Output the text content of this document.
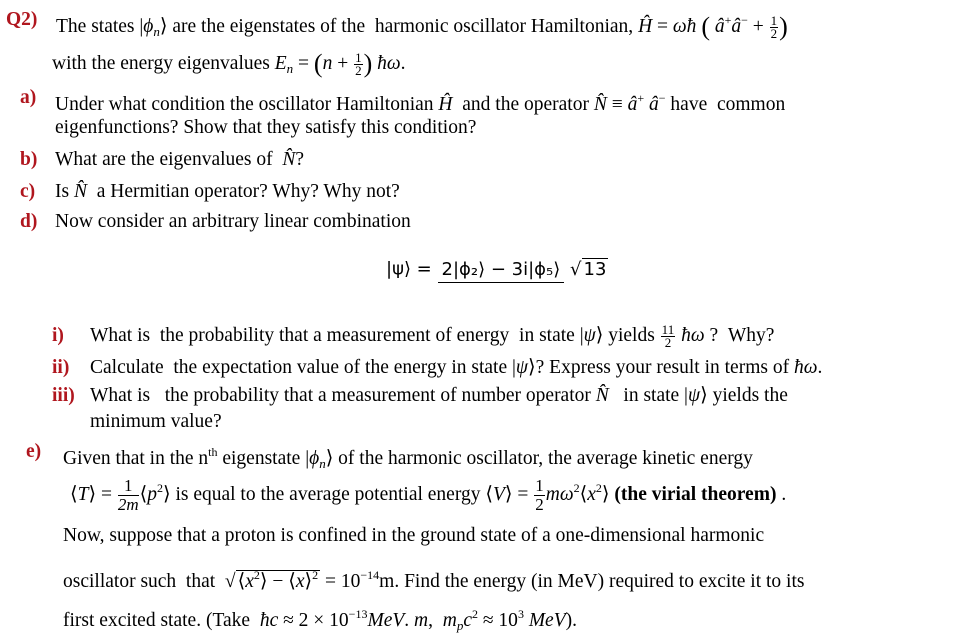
Q2) The states $|\phi_n⟩$ are the eigenstates of the  harmonic oscillator Hamiltonian, Ĥ = ωħ ( â+â− + $\frac{1}{2}$ )
with the energy eigenvalues $E_n = (n + \frac{1}{2}$ ) ħω.
a) Under what condition the oscillator Hamiltonian Ĥ  and the operator N̂ ≡ â+ â− have  common
eigenfunctions? Show that they satisfy this condition?
b) What are the eigenvalues of  N̂?
c) Is N̂  a Hermitian operator? Why? Why not?
d) Now consider an arbitrary linear combination
|ψ⟩ = 2|ϕ₂⟩ − 3i|ϕ₅⟩ √ 13
i) What is  the probability that a measurement of energy  in state |ψ⟩ yields $\frac{11}{2}$ ħω ?  Why?
ii) Calculate  the expectation value of the energy in state |ψ⟩? Express your result in terms of ħω.
iii) What is   the probability that a measurement of number operator N̂   in state |ψ⟩ yields the
minimum value?
e) Given that in the $n^{th}$ eigenstate $|\phi_n⟩$ of the harmonic oscillator, the average kinetic energy
⟨T⟩ = $\frac{1}{2m}$ $⟨p^2⟩$ is equal to the average potential energy ⟨V⟩ = $\frac{1}{2}$ $m\omega^2⟨x^2⟩$ (the virial theorem) .
Now, suppose that a proton is confined in the ground state of a one-dimensional harmonic
oscillator such  that  √ $⟨x^2⟩$ − ⟨x⟩$^2$ = $10^{-14}m$. Find the energy (in MeV) required to excite it to its
first excited state. (Take  ħc ≈ $2 \times 10^{-13}MeV$. m,  $m_pc^2 \approx 10^3$ MeV).
